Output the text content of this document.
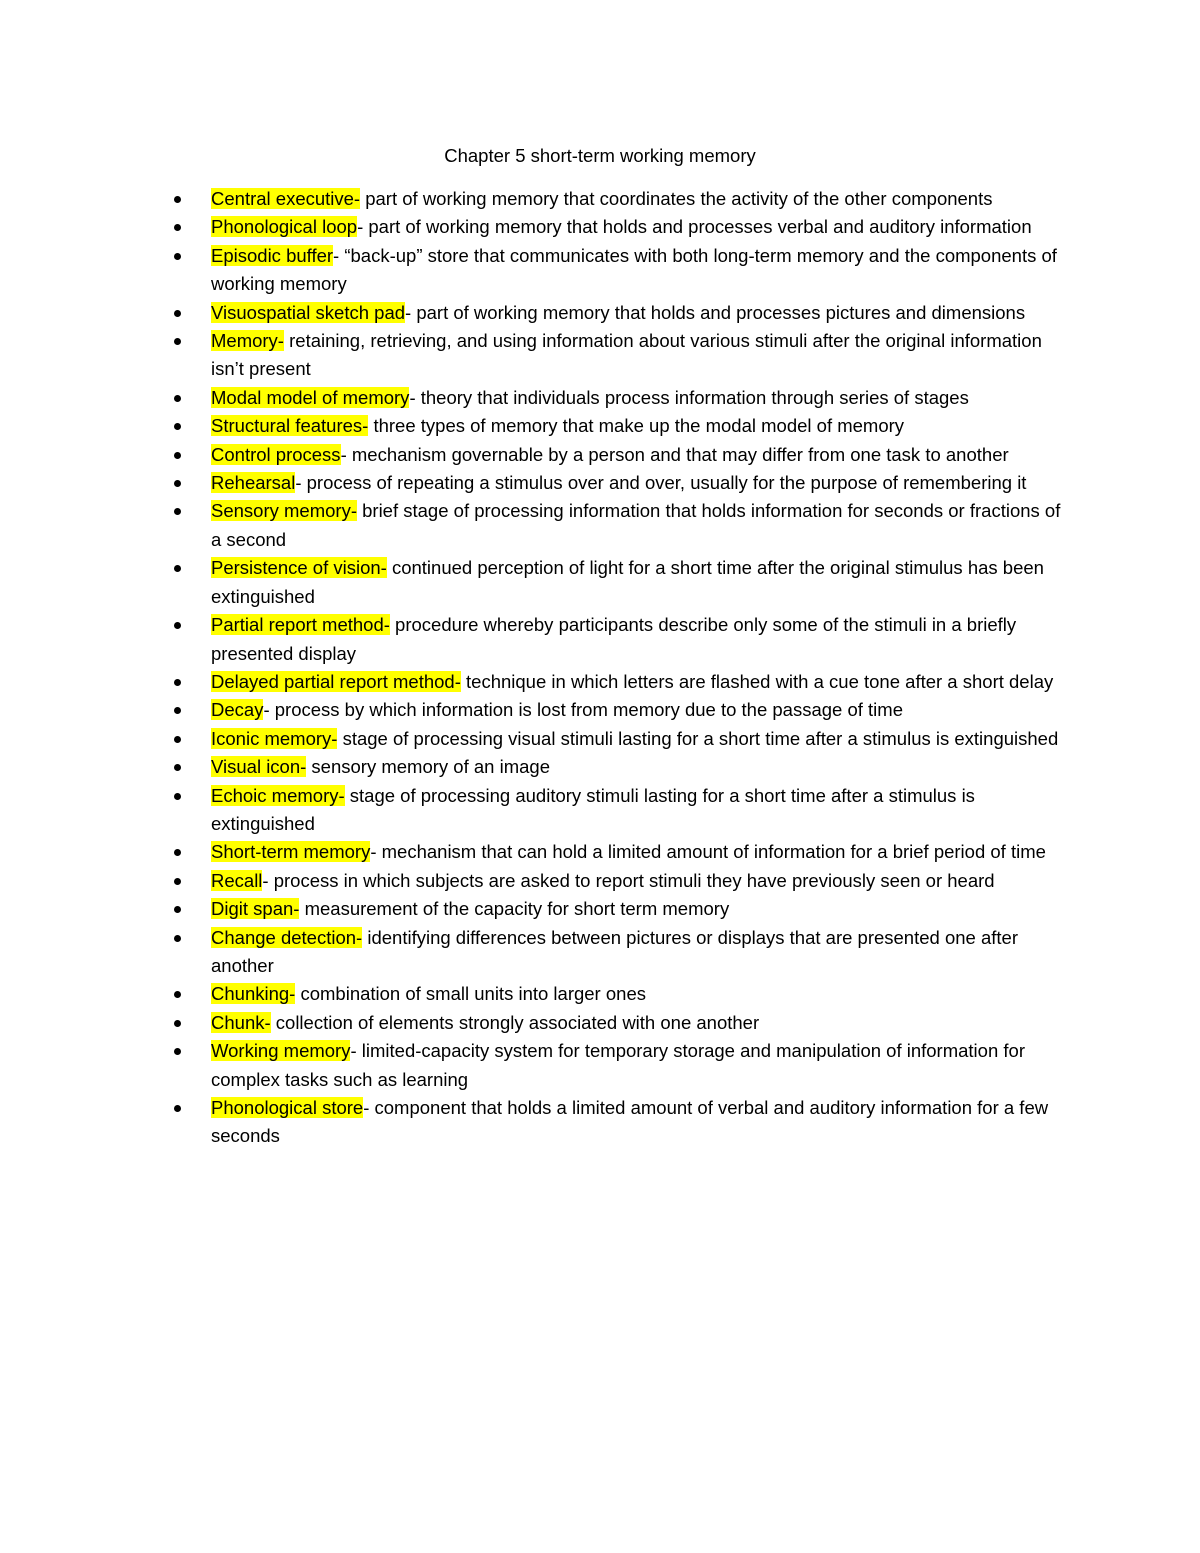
Chapter 5 short-term working memory
Central executive- part of working memory that coordinates the activity of the other components
Phonological loop- part of working memory that holds and processes verbal and auditory information
Episodic buffer- “back-up” store that communicates with both long-term memory and the components of working memory
Visuospatial sketch pad- part of working memory that holds and processes pictures and dimensions
Memory- retaining, retrieving, and using information about various stimuli after the original information isn’t present
Modal model of memory- theory that individuals process information through series of stages
Structural features- three types of memory that make up the modal model of memory
Control process- mechanism governable by a person and that may differ from one task to another
Rehearsal- process of repeating a stimulus over and over, usually for the purpose of remembering it
Sensory memory- brief stage of processing information that holds information for seconds or fractions of a second
Persistence of vision- continued perception of light for a short time after the original stimulus has been extinguished
Partial report method- procedure whereby participants describe only some of the stimuli in a briefly presented display
Delayed partial report method- technique in which letters are flashed with a cue tone after a short delay
Decay- process by which information is lost from memory due to the passage of time
Iconic memory- stage of processing visual stimuli lasting for a short time after a stimulus is extinguished
Visual icon- sensory memory of an image
Echoic memory- stage of processing auditory stimuli lasting for a short time after a stimulus is extinguished
Short-term memory- mechanism that can hold a limited amount of information for a brief period of time
Recall- process in which subjects are asked to report stimuli they have previously seen or heard
Digit span- measurement of the capacity for short term memory
Change detection- identifying differences between pictures or displays that are presented one after another
Chunking- combination of small units into larger ones
Chunk- collection of elements strongly associated with one another
Working memory- limited-capacity system for temporary storage and manipulation of information for complex tasks such as learning
Phonological store- component that holds a limited amount of verbal and auditory information for a few seconds
